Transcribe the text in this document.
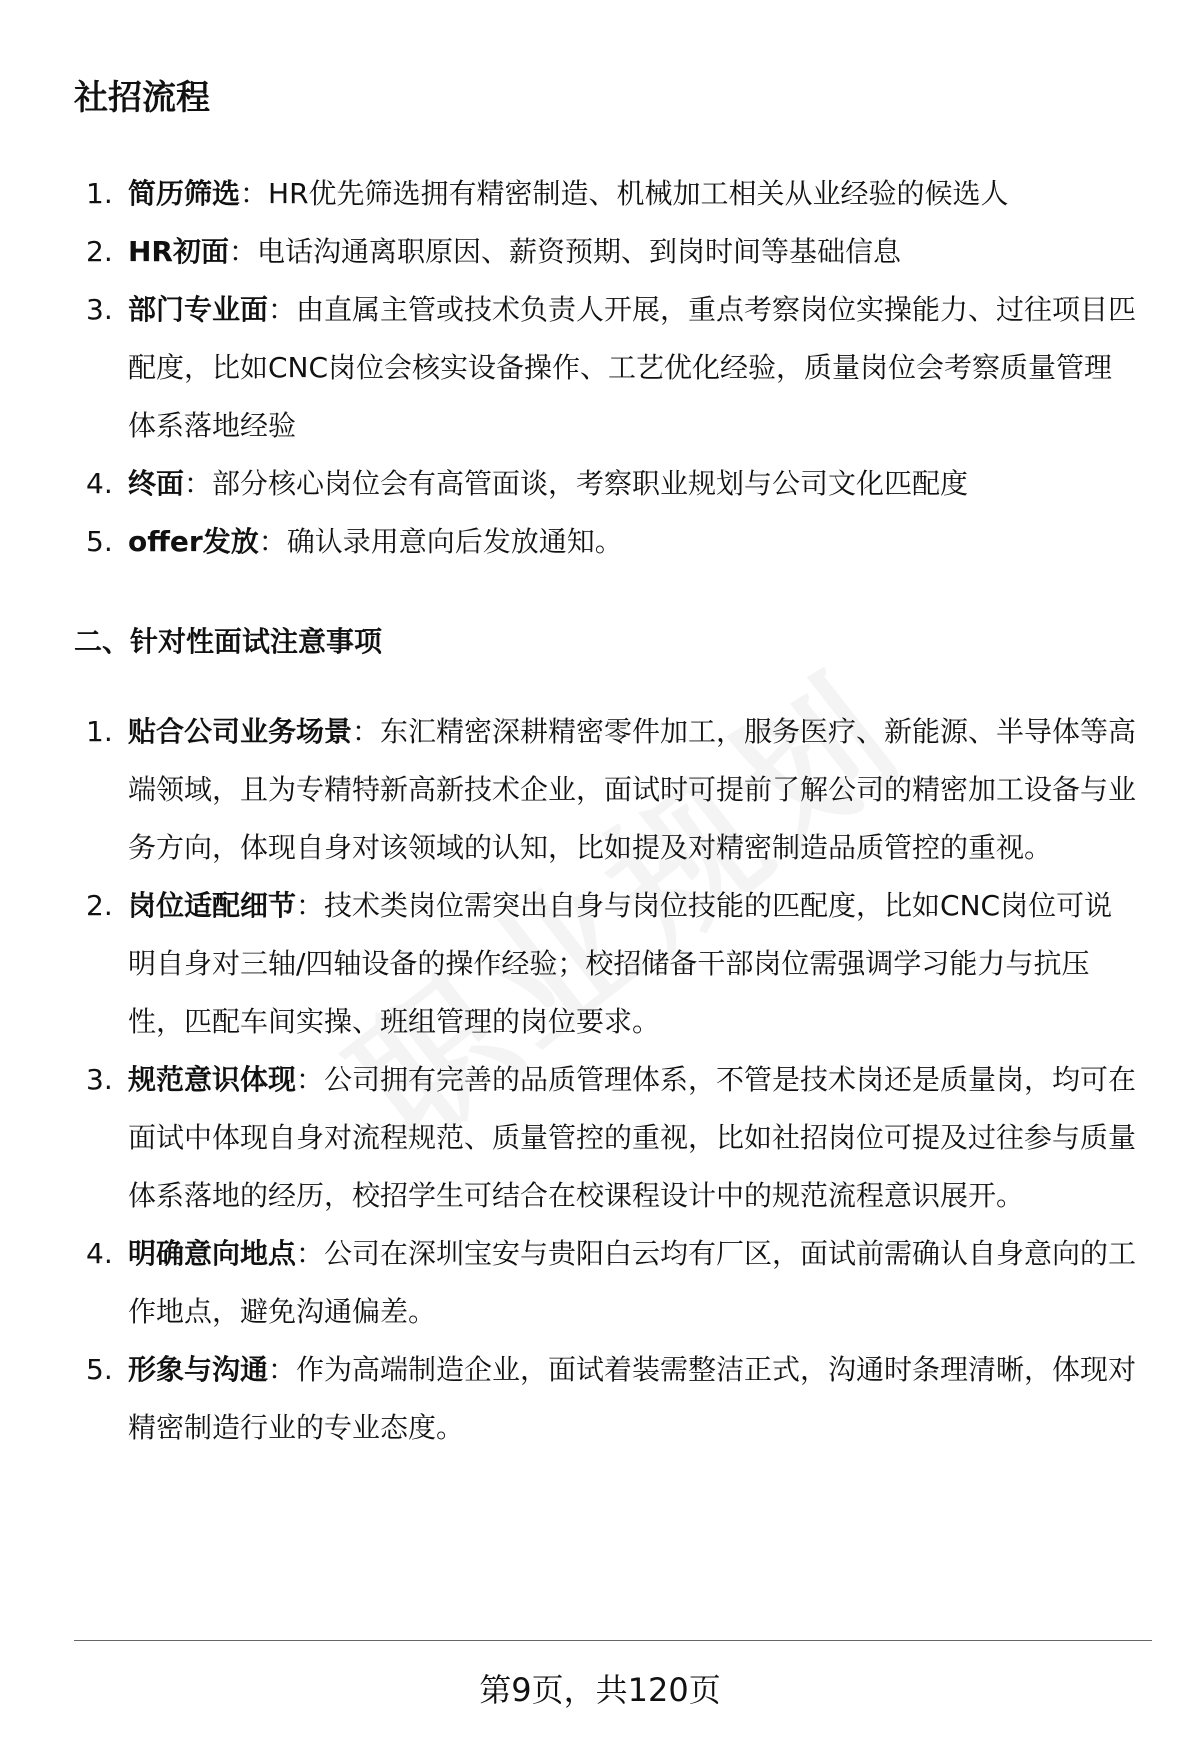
社招流程
1. 简历筛选：HR优先筛选拥有精密制造、机械加工相关从业经验的候选人
2. HR初面：电话沟通离职原因、薪资预期、到岗时间等基础信息
3. 部门专业面：由直属主管或技术负责人开展，重点考察岗位实操能力、过往项目匹配度，比如CNC岗位会核实设备操作、工艺优化经验，质量岗位会考察质量管理体系落地经验
4. 终面：部分核心岗位会有高管面谈，考察职业规划与公司文化匹配度
5. offer发放：确认录用意向后发放通知。
二、针对性面试注意事项
1. 贴合公司业务场景：东汇精密深耕精密零件加工，服务医疗、新能源、半导体等高端领域，且为专精特新高新技术企业，面试时可提前了解公司的精密加工设备与业务方向，体现自身对该领域的认知，比如提及对精密制造品质管控的重视。
2. 岗位适配细节：技术类岗位需突出自身与岗位技能的匹配度，比如CNC岗位可说明自身对三轴/四轴设备的操作经验；校招储备干部岗位需强调学习能力与抗压性，匹配车间实操、班组管理的岗位要求。
3. 规范意识体现：公司拥有完善的品质管理体系，不管是技术岗还是质量岗，均可在面试中体现自身对流程规范、质量管控的重视，比如社招岗位可提及过往参与质量体系落地的经历，校招学生可结合在校课程设计中的规范流程意识展开。
4. 明确意向地点：公司在深圳宝安与贵阳白云均有厂区，面试前需确认自身意向的工作地点，避免沟通偏差。
5. 形象与沟通：作为高端制造企业，面试着装需整洁正式，沟通时条理清晰，体现对精密制造行业的专业态度。
第9页，共120页
